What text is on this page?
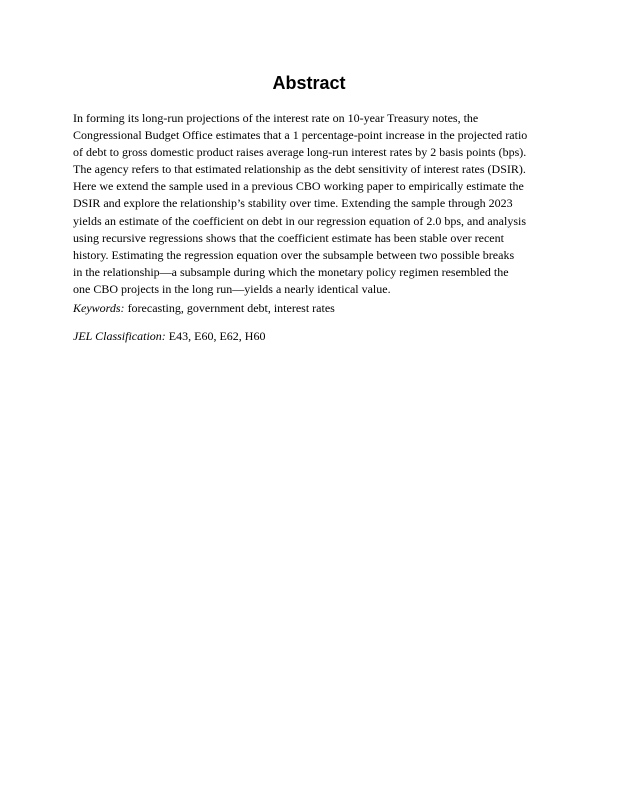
Abstract
In forming its long-run projections of the interest rate on 10-year Treasury notes, the
Congressional Budget Office estimates that a 1 percentage-point increase in the projected ratio
of debt to gross domestic product raises average long-run interest rates by 2 basis points (bps).
The agency refers to that estimated relationship as the debt sensitivity of interest rates (DSIR).
Here we extend the sample used in a previous CBO working paper to empirically estimate the
DSIR and explore the relationship’s stability over time. Extending the sample through 2023
yields an estimate of the coefficient on debt in our regression equation of 2.0 bps, and analysis
using recursive regressions shows that the coefficient estimate has been stable over recent
history. Estimating the regression equation over the subsample between two possible breaks
in the relationship—a subsample during which the monetary policy regimen resembled the
one CBO projects in the long run—yields a nearly identical value.
Keywords: forecasting, government debt, interest rates
JEL Classification: E43, E60, E62, H60
